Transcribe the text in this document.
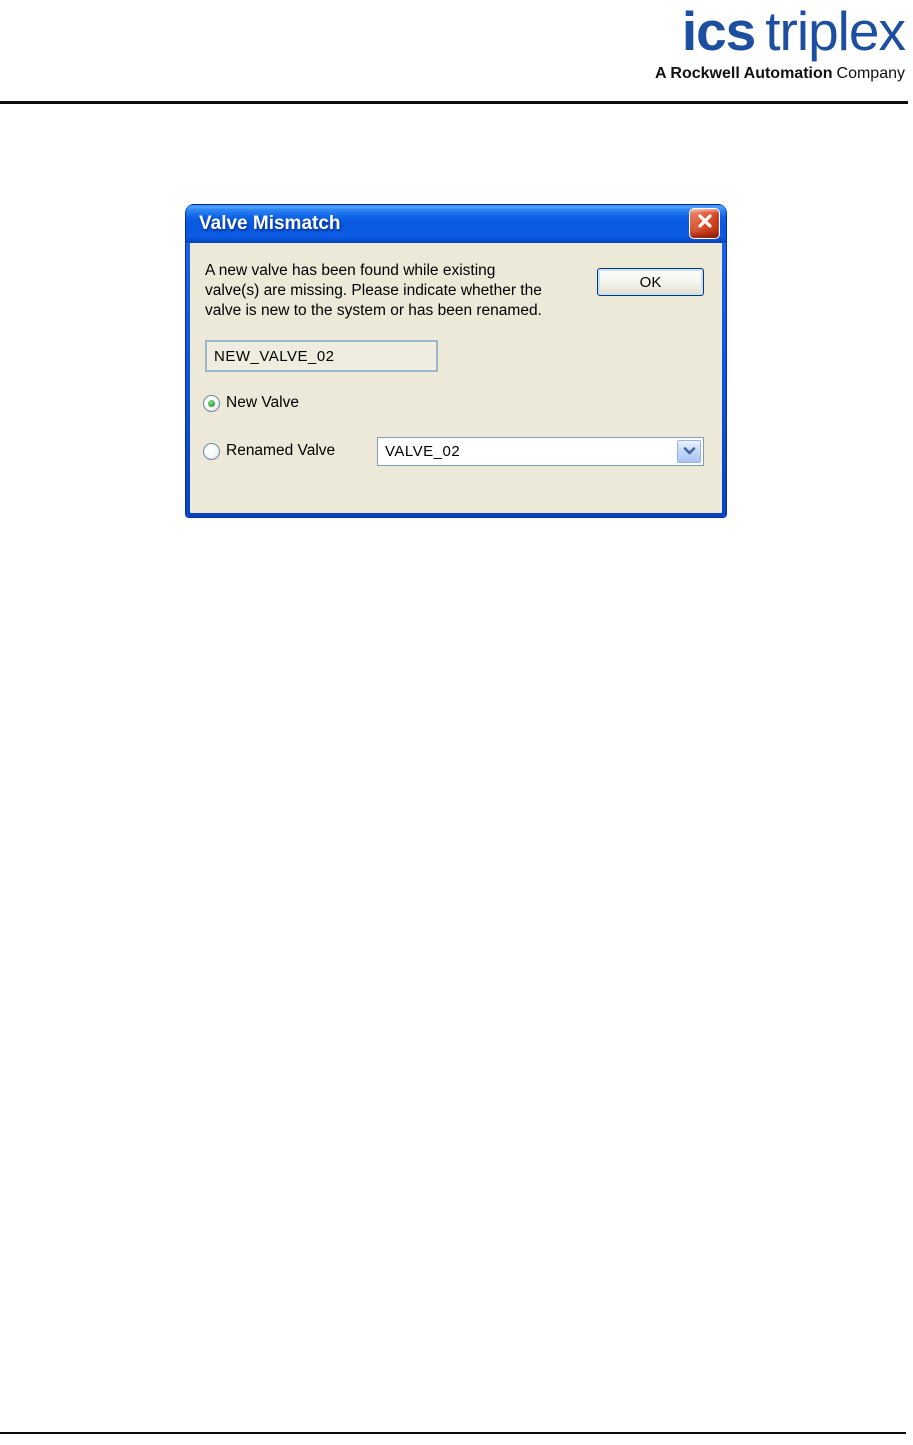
ics triplex
A Rockwell Automation Company
Valve Mismatch
A new valve has been found while existing
valve(s) are missing. Please indicate whether the
valve is new to the system or has been renamed.
OK
NEW_VALVE_02
New Valve
Renamed Valve	VALVE_02
